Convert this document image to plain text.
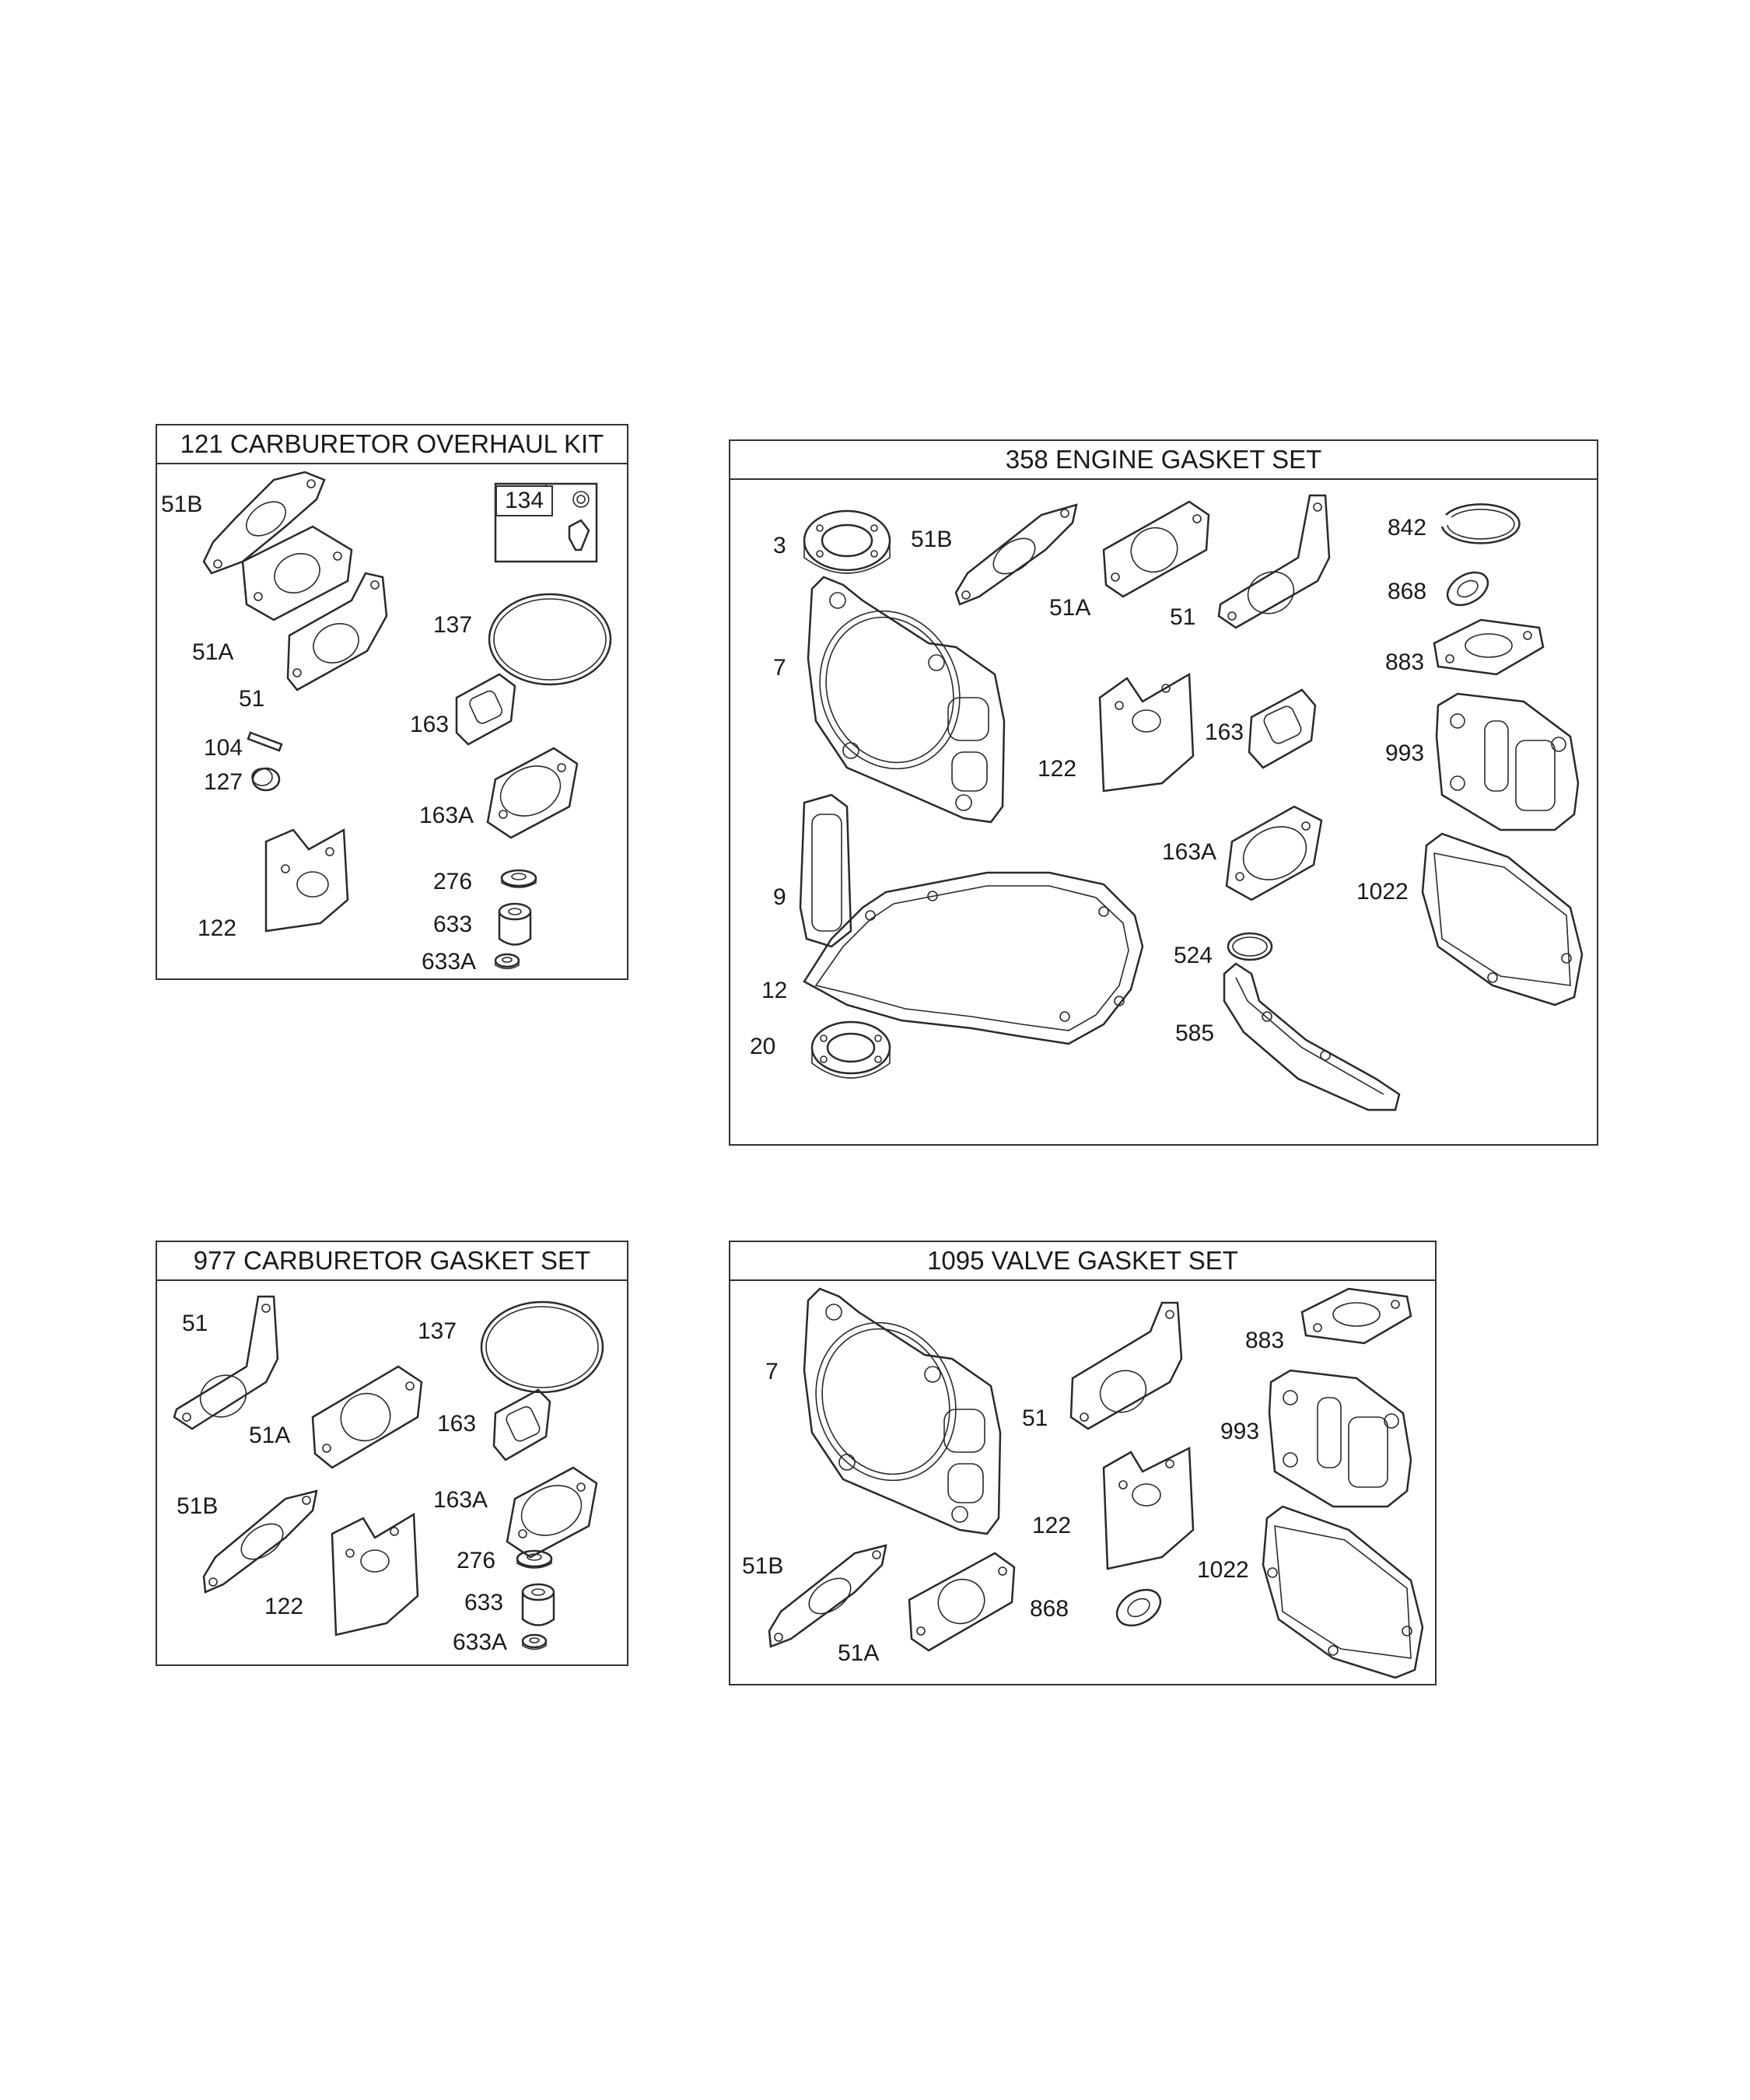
121 CARBURETOR OVERHAUL KIT
51B
51A
51
104
127
122
134
137
163
163A
276
633
633A
358 ENGINE GASKET SET
3	51B
51A	51
842
868
883
7
122
163
993
163A
9	1022
524
12
585
20
977 CARBURETOR GASKET SET
51	137
51A	163
163A
51B
122
276
633
633A
1095 VALVE GASKET SET
7
51
883
993
122
1022
51B
868
51A
